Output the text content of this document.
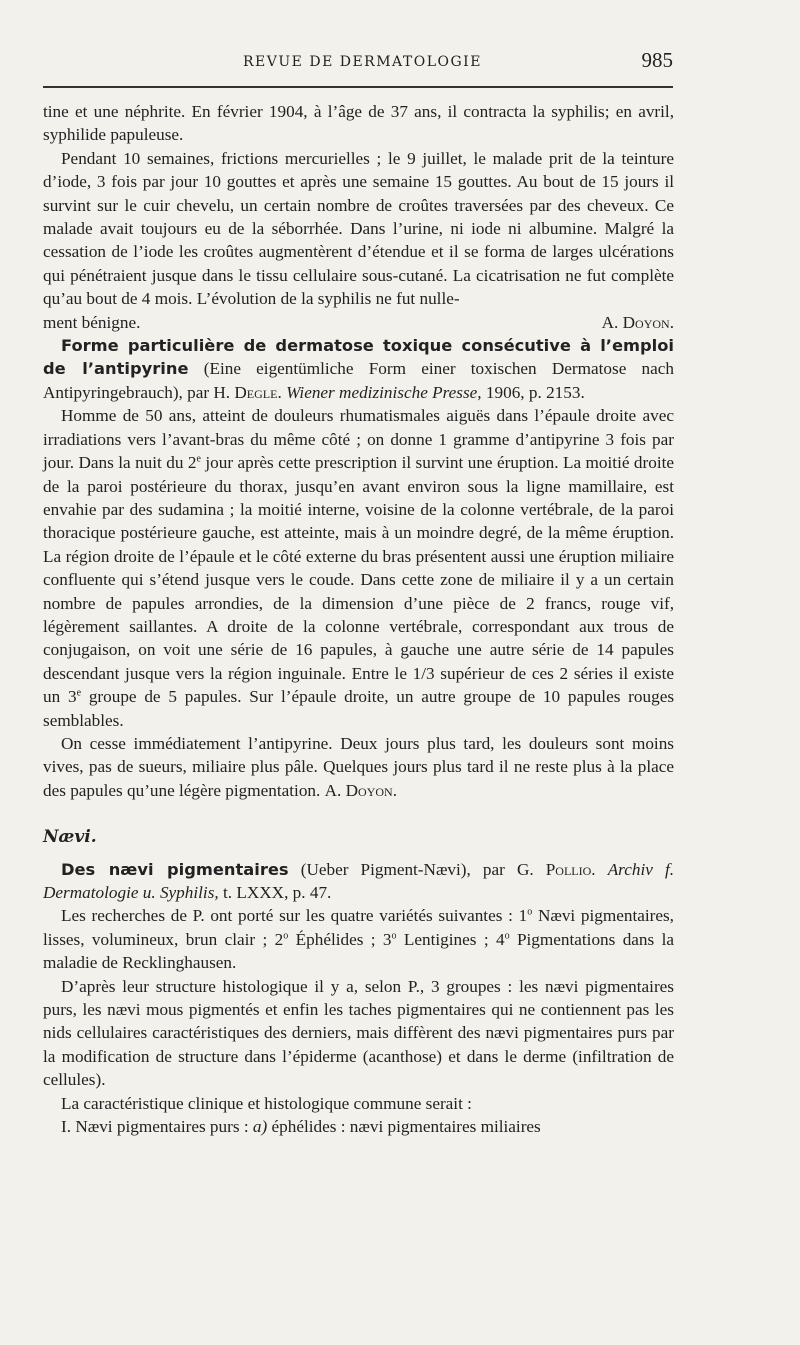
REVUE DE DERMATOLOGIE	985

tine et une néphrite. En février 1904, à l’âge de 37 ans, il contracta la syphilis; en avril, syphilide papuleuse.

Pendant 10 semaines, frictions mercurielles ; le 9 juillet, le malade prit de la teinture d’iode, 3 fois par jour 10 gouttes et après une semaine 15 gouttes. Au bout de 15 jours il survint sur le cuir chevelu, un certain nombre de croûtes traversées par des cheveux. Ce malade avait toujours eu de la séborrhée. Dans l’urine, ni iode ni albumine. Malgré la cessation de l’iode les croûtes augmentèrent d’étendue et il se forma de larges ulcérations qui pénétraient jusque dans le tissu cellulaire sous-cutané. La cicatrisation ne fut complète qu’au bout de 4 mois. L’évolution de la syphilis ne fut nulle-

ment bénigne.	A. Doyon.

Forme particulière de dermatose toxique consécutive à l’emploi de l’antipyrine (Eine eigentümliche Form einer toxischen Dermatose nach Antipyringebrauch), par H. Degle. Wiener medizinische Presse, 1906, p. 2153.

Homme de 50 ans, atteint de douleurs rhumatismales aiguës dans l’épaule droite avec irradiations vers l’avant-bras du même côté ; on donne 1 gramme d’antipyrine 3 fois par jour. Dans la nuit du 2e jour après cette prescription il survint une éruption. La moitié droite de la paroi postérieure du thorax, jusqu’en avant environ sous la ligne mamillaire, est envahie par des sudamina ; la moitié interne, voisine de la colonne vertébrale, de la paroi thoracique postérieure gauche, est atteinte, mais à un moindre degré, de la même éruption. La région droite de l’épaule et le côté externe du bras présentent aussi une éruption miliaire confluente qui s’étend jusque vers le coude. Dans cette zone de miliaire il y a un certain nombre de papules arrondies, de la dimension d’une pièce de 2 francs, rouge vif, légèrement saillantes. A droite de la colonne vertébrale, correspondant aux trous de conjugaison, on voit une série de 16 papules, à gauche une autre série de 14 papules descendant jusque vers la région inguinale. Entre le 1/3 supérieur de ces 2 séries il existe un 3e groupe de 5 papules. Sur l’épaule droite, un autre groupe de 10 papules rouges semblables.

On cesse immédiatement l’antipyrine. Deux jours plus tard, les douleurs sont moins vives, pas de sueurs, miliaire plus pâle. Quelques jours plus tard il ne reste plus à la place des papules qu’une légère pigmentation. A. Doyon.

Nævi.

Des nævi pigmentaires (Ueber Pigment-Nævi), par G. Pollio. Archiv f. Dermatologie u. Syphilis, t. LXXX, p. 47.

Les recherches de P. ont porté sur les quatre variétés suivantes : 1$^o$ Nævi pigmentaires, lisses, volumineux, brun clair ; 2$^o$ Éphélides ; 3$^o$ Lentigines ; 4$^o$ Pigmentations dans la maladie de Recklinghausen.

D’après leur structure histologique il y a, selon P., 3 groupes : les nævi pigmentaires purs, les nævi mous pigmentés et enfin les taches pigmentaires qui ne contiennent pas les nids cellulaires caractéristiques des derniers, mais diffèrent des nævi pigmentaires purs par la modification de structure dans l’épiderme (acanthose) et dans le derme (infiltration de cellules).

La caractéristique clinique et histologique commune serait :

I. Nævi pigmentaires purs : a) éphélides : nævi pigmentaires miliaires
